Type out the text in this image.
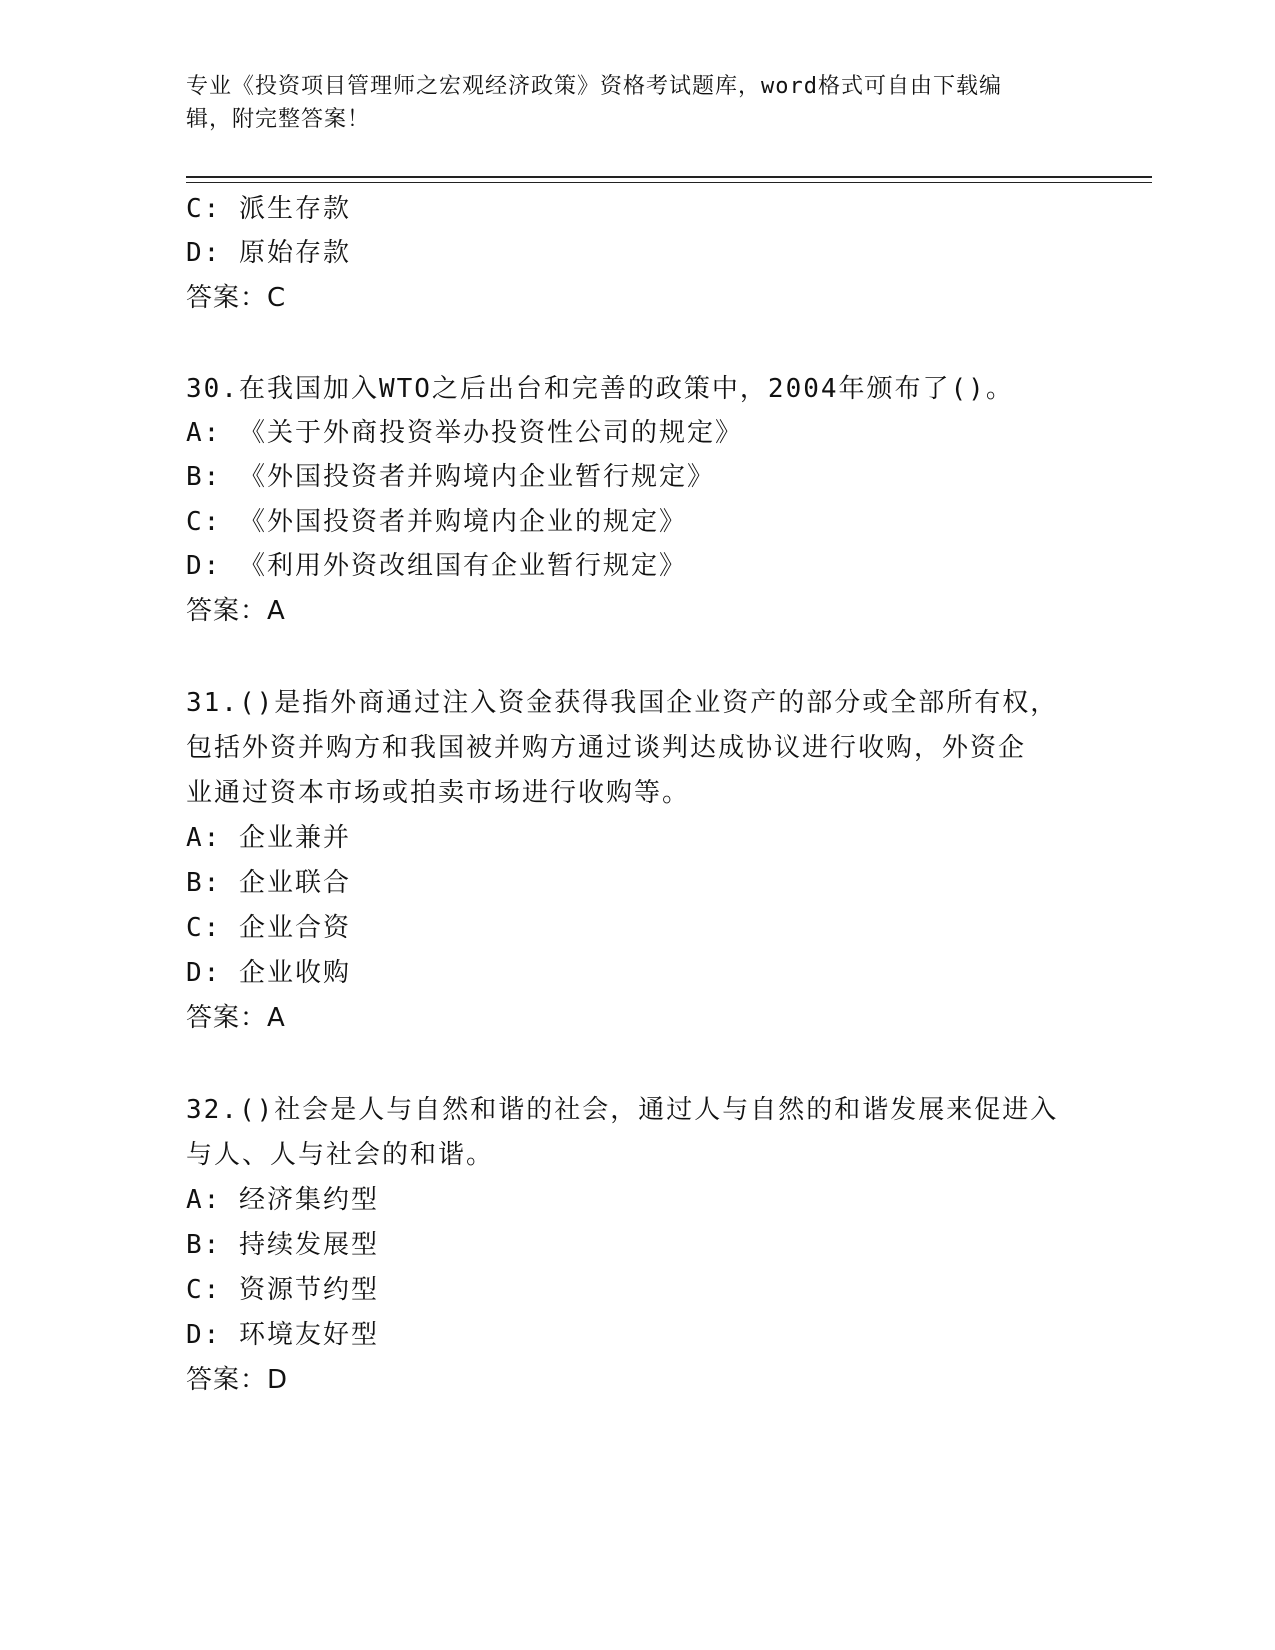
专业《投资项目管理师之宏观经济政策》资格考试题库，word格式可自由下载编
辑，附完整答案！
C: 派生存款
D: 原始存款
答案：C
30.在我国加入WTO之后出台和完善的政策中，2004年颁布了()。
A: 《关于外商投资举办投资性公司的规定》
B: 《外国投资者并购境内企业暂行规定》
C: 《外国投资者并购境内企业的规定》
D: 《利用外资改组国有企业暂行规定》
答案：A
31.()是指外商通过注入资金获得我国企业资产的部分或全部所有权，
包括外资并购方和我国被并购方通过谈判达成协议进行收购，外资企
业通过资本市场或拍卖市场进行收购等。
A: 企业兼并
B: 企业联合
C: 企业合资
D: 企业收购
答案：A
32.()社会是人与自然和谐的社会，通过人与自然的和谐发展来促进入
与人、人与社会的和谐。
A: 经济集约型
B: 持续发展型
C: 资源节约型
D: 环境友好型
答案：D
